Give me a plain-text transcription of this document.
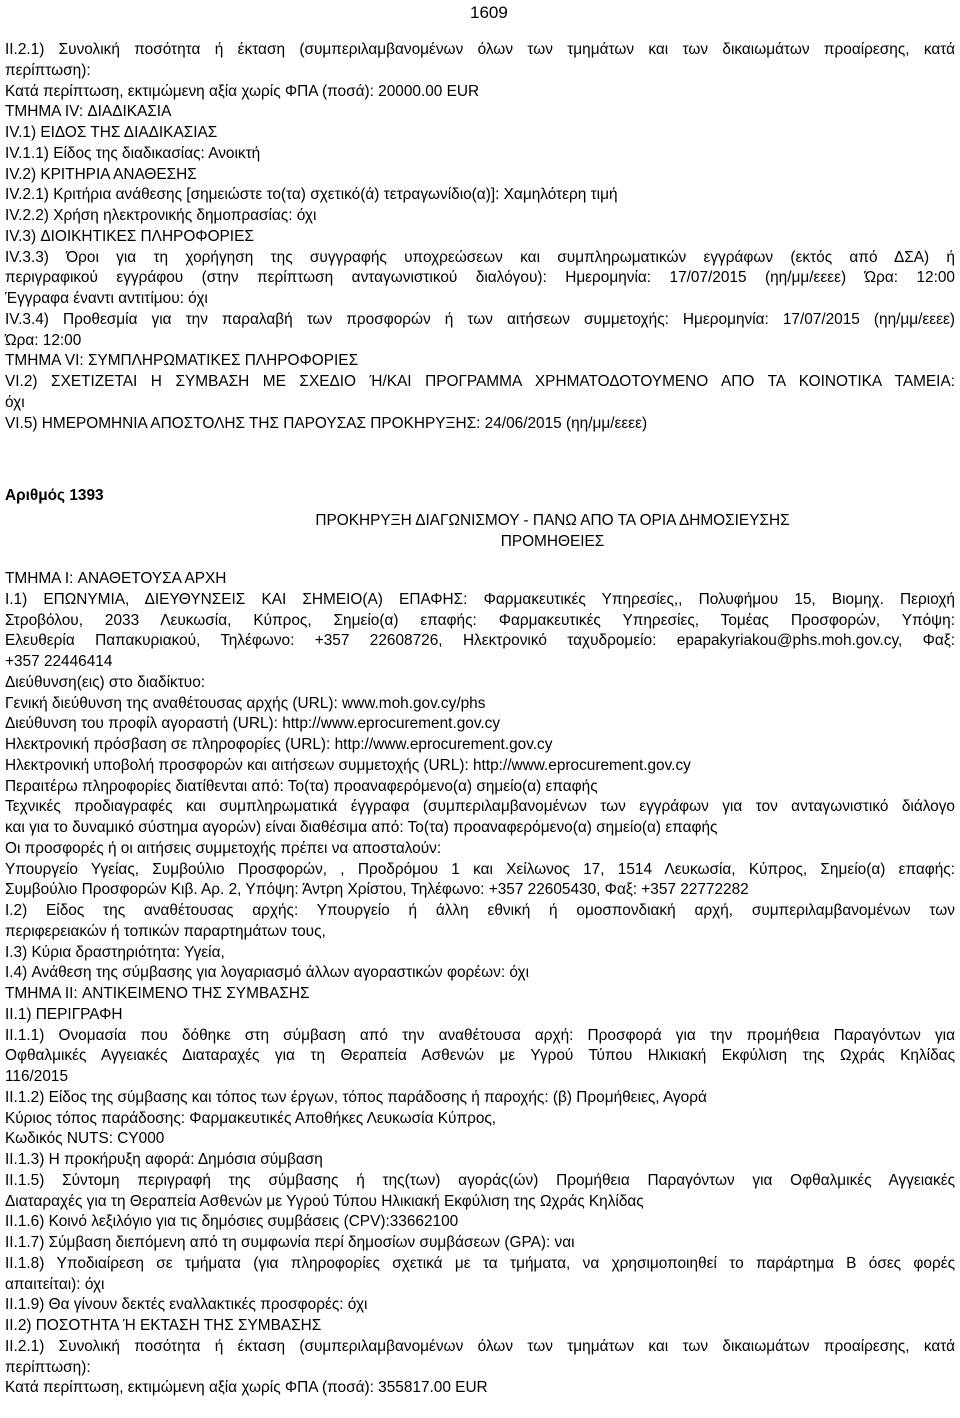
1609
II.2.1) Συνολική ποσότητα ή έκταση (συμπεριλαμβανομένων όλων των τμημάτων και των δικαιωμάτων προαίρεσης, κατά
περίπτωση):
Κατά περίπτωση, εκτιμώμενη αξία χωρίς ΦΠΑ (ποσά): 20000.00 EUR
ΤΜΗΜΑ IV: ΔΙΑΔΙΚΑΣΙΑ
IV.1) ΕΙΔΟΣ ΤΗΣ ΔΙΑΔΙΚΑΣΙΑΣ
IV.1.1) Είδος της διαδικασίας: Ανοικτή
IV.2) ΚΡΙΤΗΡΙΑ ΑΝΑΘΕΣΗΣ
IV.2.1) Κριτήρια ανάθεσης [σημειώστε το(τα) σχετικό(ά) τετραγωνίδιο(α)]: Χαμηλότερη τιμή
IV.2.2) Χρήση ηλεκτρονικής δημοπρασίας: όχι
IV.3) ΔΙΟΙΚΗΤΙΚΕΣ ΠΛΗΡΟΦΟΡΙΕΣ
IV.3.3) Όροι για τη χορήγηση της συγγραφής υποχρεώσεων και συμπληρωματικών εγγράφων (εκτός από ΔΣΑ) ή
περιγραφικού εγγράφου (στην περίπτωση ανταγωνιστικού διαλόγου): Ημερομηνία: 17/07/2015 (ηη/μμ/εεεε) Ώρα: 12:00
Έγγραφα έναντι αντιτίμου: όχι
IV.3.4) Προθεσμία για την παραλαβή των προσφορών ή των αιτήσεων συμμετοχής: Ημερομηνία: 17/07/2015 (ηη/μμ/εεεε)
Ώρα: 12:00
ΤΜΗΜΑ VI: ΣΥΜΠΛΗΡΩΜΑΤΙΚΕΣ ΠΛΗΡΟΦΟΡΙΕΣ
VI.2) ΣΧΕΤΙΖΕΤΑΙ Η ΣΥΜΒΑΣΗ ΜΕ ΣΧΕΔΙΟ Ή/ΚΑΙ ΠΡΟΓΡΑΜΜΑ ΧΡΗΜΑΤΟΔΟΤΟΥΜΕΝΟ ΑΠΟ ΤΑ ΚΟΙΝΟΤΙΚΑ ΤΑΜΕΙΑ:
όχι
VI.5) ΗΜΕΡΟΜΗΝΙΑ ΑΠΟΣΤΟΛΗΣ ΤΗΣ ΠΑΡΟΥΣΑΣ ΠΡΟΚΗΡΥΞΗΣ: 24/06/2015 (ηη/μμ/εεεε)
Αριθμός 1393
ΠΡΟΚΗΡΥΞΗ ΔΙΑΓΩΝΙΣΜΟΥ - ΠΑΝΩ ΑΠΟ ΤΑ ΟΡΙΑ ΔΗΜΟΣΙΕΥΣΗΣ
ΠΡΟΜΗΘΕΙΕΣ
ΤΜΗΜΑ I: ΑΝΑΘΕΤΟΥΣΑ ΑΡΧΗ
I.1) ΕΠΩΝΥΜΙΑ, ΔΙΕΥΘΥΝΣΕΙΣ ΚΑΙ ΣΗΜΕΙΟ(Α) ΕΠΑΦΗΣ: Φαρμακευτικές Υπηρεσίες,, Πολυφήμου 15, Βιομηχ. Περιοχή
Στροβόλου, 2033 Λευκωσία, Κύπρος, Σημείο(α) επαφής: Φαρμακευτικές Υπηρεσίες, Τομέας Προσφορών, Υπόψη:
Ελευθερία Παπακυριακού, Τηλέφωνο: +357 22608726, Ηλεκτρονικό ταχυδρομείο: epapakyriakou@phs.moh.gov.cy, Φαξ:
+357 22446414
Διεύθυνση(εις) στο διαδίκτυο:
Γενική διεύθυνση της αναθέτουσας αρχής (URL): www.moh.gov.cy/phs
Διεύθυνση του προφίλ αγοραστή (URL): http://www.eprocurement.gov.cy
Ηλεκτρονική πρόσβαση σε πληροφορίες (URL): http://www.eprocurement.gov.cy
Ηλεκτρονική υποβολή προσφορών και αιτήσεων συμμετοχής (URL): http://www.eprocurement.gov.cy
Περαιτέρω πληροφορίες διατίθενται από: Το(τα) προαναφερόμενο(α) σημείο(α) επαφής
Τεχνικές προδιαγραφές και συμπληρωματικά έγγραφα (συμπεριλαμβανομένων των εγγράφων για τον ανταγωνιστικό διάλογο
και για το δυναμικό σύστημα αγορών) είναι διαθέσιμα από: Το(τα) προαναφερόμενο(α) σημείο(α) επαφής
Οι προσφορές ή οι αιτήσεις συμμετοχής πρέπει να αποσταλούν:
Υπουργείο Υγείας, Συμβούλιο Προσφορών, , Προδρόμου 1 και Χείλωνος 17, 1514 Λευκωσία, Κύπρος, Σημείο(α) επαφής:
Συμβούλιο Προσφορών Κιβ. Αρ. 2, Υπόψη: Άντρη Χρίστου, Τηλέφωνο: +357 22605430, Φαξ: +357 22772282
I.2) Είδος της αναθέτουσας αρχής: Υπουργείο ή άλλη εθνική ή ομοσπονδιακή αρχή, συμπεριλαμβανομένων των
περιφερειακών ή τοπικών παραρτημάτων τους,
I.3) Κύρια δραστηριότητα: Υγεία,
I.4) Ανάθεση της σύμβασης για λογαριασμό άλλων αγοραστικών φορέων: όχι
ΤΜΗΜΑ II: ΑΝΤΙΚΕΙΜΕΝΟ ΤΗΣ ΣΥΜΒΑΣΗΣ
II.1) ΠΕΡΙΓΡΑΦΗ
II.1.1) Ονομασία που δόθηκε στη σύμβαση από την αναθέτουσα αρχή: Προσφορά για την προμήθεια Παραγόντων για
Οφθαλμικές Αγγειακές Διαταραχές για τη Θεραπεία Ασθενών με Υγρού Τύπου Ηλικιακή Εκφύλιση της Ωχράς Κηλίδας
116/2015
II.1.2) Είδος της σύμβασης και τόπος των έργων, τόπος παράδοσης ή παροχής: (β) Προμήθειες, Αγορά
Κύριος τόπος παράδοσης: Φαρμακευτικές Αποθήκες Λευκωσία Κύπρος,
Κωδικός NUTS: CY000
II.1.3) Η προκήρυξη αφορά: Δημόσια σύμβαση
II.1.5) Σύντομη περιγραφή της σύμβασης ή της(των) αγοράς(ών) Προμήθεια Παραγόντων για Οφθαλμικές Αγγειακές
Διαταραχές για τη Θεραπεία Ασθενών με Υγρού Τύπου Ηλικιακή Εκφύλιση της Ωχράς Κηλίδας
II.1.6) Κοινό λεξιλόγιο για τις δημόσιες συμβάσεις (CPV):33662100
II.1.7) Σύμβαση διεπόμενη από τη συμφωνία περί δημοσίων συμβάσεων (GPA): ναι
II.1.8) Υποδιαίρεση σε τμήματα (για πληροφορίες σχετικά με τα τμήματα, να χρησιμοποιηθεί το παράρτημα B όσες φορές
απαιτείται): όχι
II.1.9) Θα γίνουν δεκτές εναλλακτικές προσφορές: όχι
II.2) ΠΟΣΟΤΗΤΑ Ή ΕΚΤΑΣΗ ΤΗΣ ΣΥΜΒΑΣΗΣ
II.2.1) Συνολική ποσότητα ή έκταση (συμπεριλαμβανομένων όλων των τμημάτων και των δικαιωμάτων προαίρεσης, κατά
περίπτωση):
Κατά περίπτωση, εκτιμώμενη αξία χωρίς ΦΠΑ (ποσά): 355817.00 EUR
